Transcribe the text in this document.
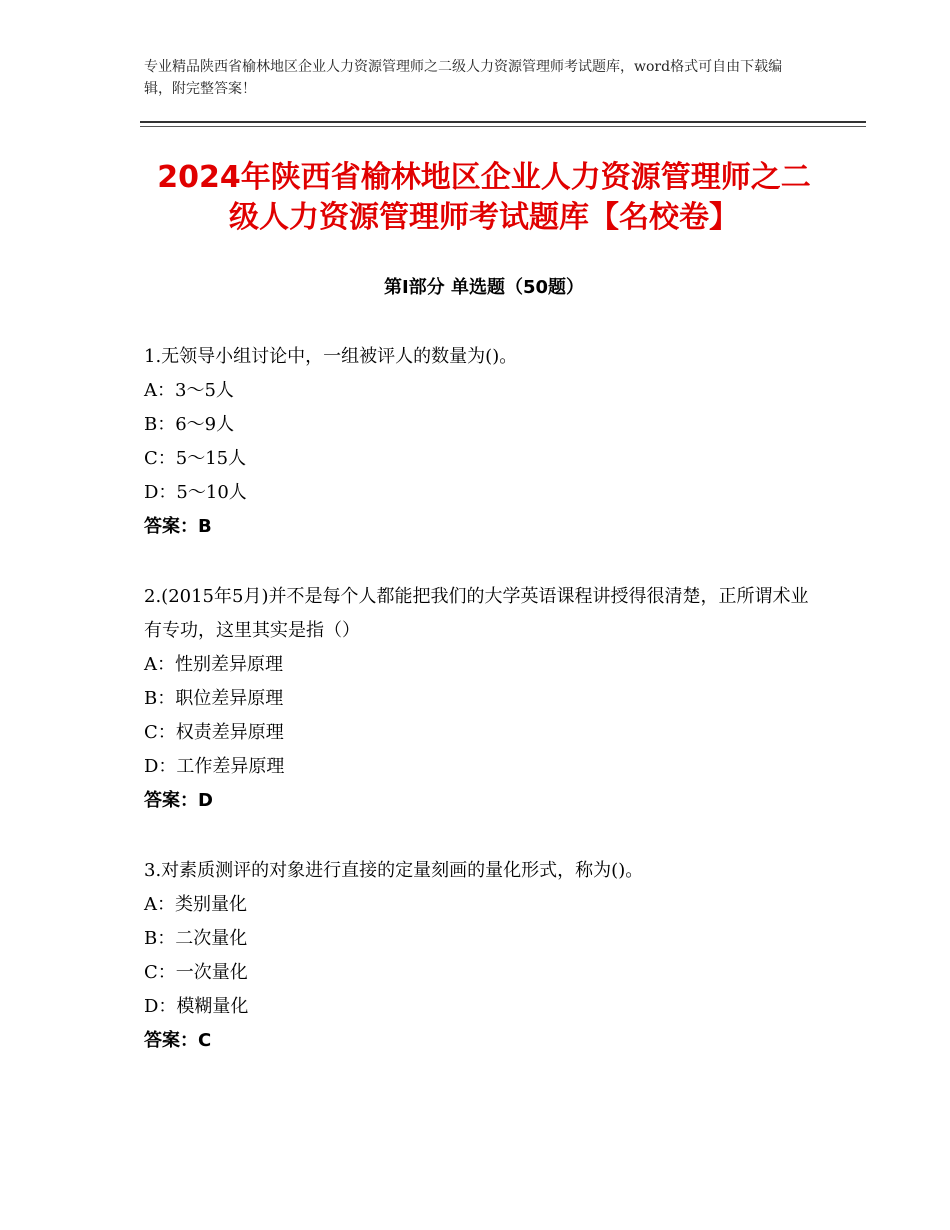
专业精品陕西省榆林地区企业人力资源管理师之二级人力资源管理师考试题库，word格式可自由下载编辑，附完整答案！
2024年陕西省榆林地区企业人力资源管理师之二级人力资源管理师考试题库【名校卷】
第Ⅰ部分 单选题（50题）

1.无领导小组讨论中，一组被评人的数量为()。

A：3～5人

B：6～9人

C：5～15人

D：5～10人

答案：B

2.(2015年5月)并不是每个人都能把我们的大学英语课程讲授得很清楚，正所谓术业有专功，这里其实是指（）

A：性别差异原理

B：职位差异原理

C：权责差异原理

D：工作差异原理

答案：D

3.对素质测评的对象进行直接的定量刻画的量化形式，称为()。

A：类别量化

B：二次量化

C：一次量化

D：模糊量化

答案：C
